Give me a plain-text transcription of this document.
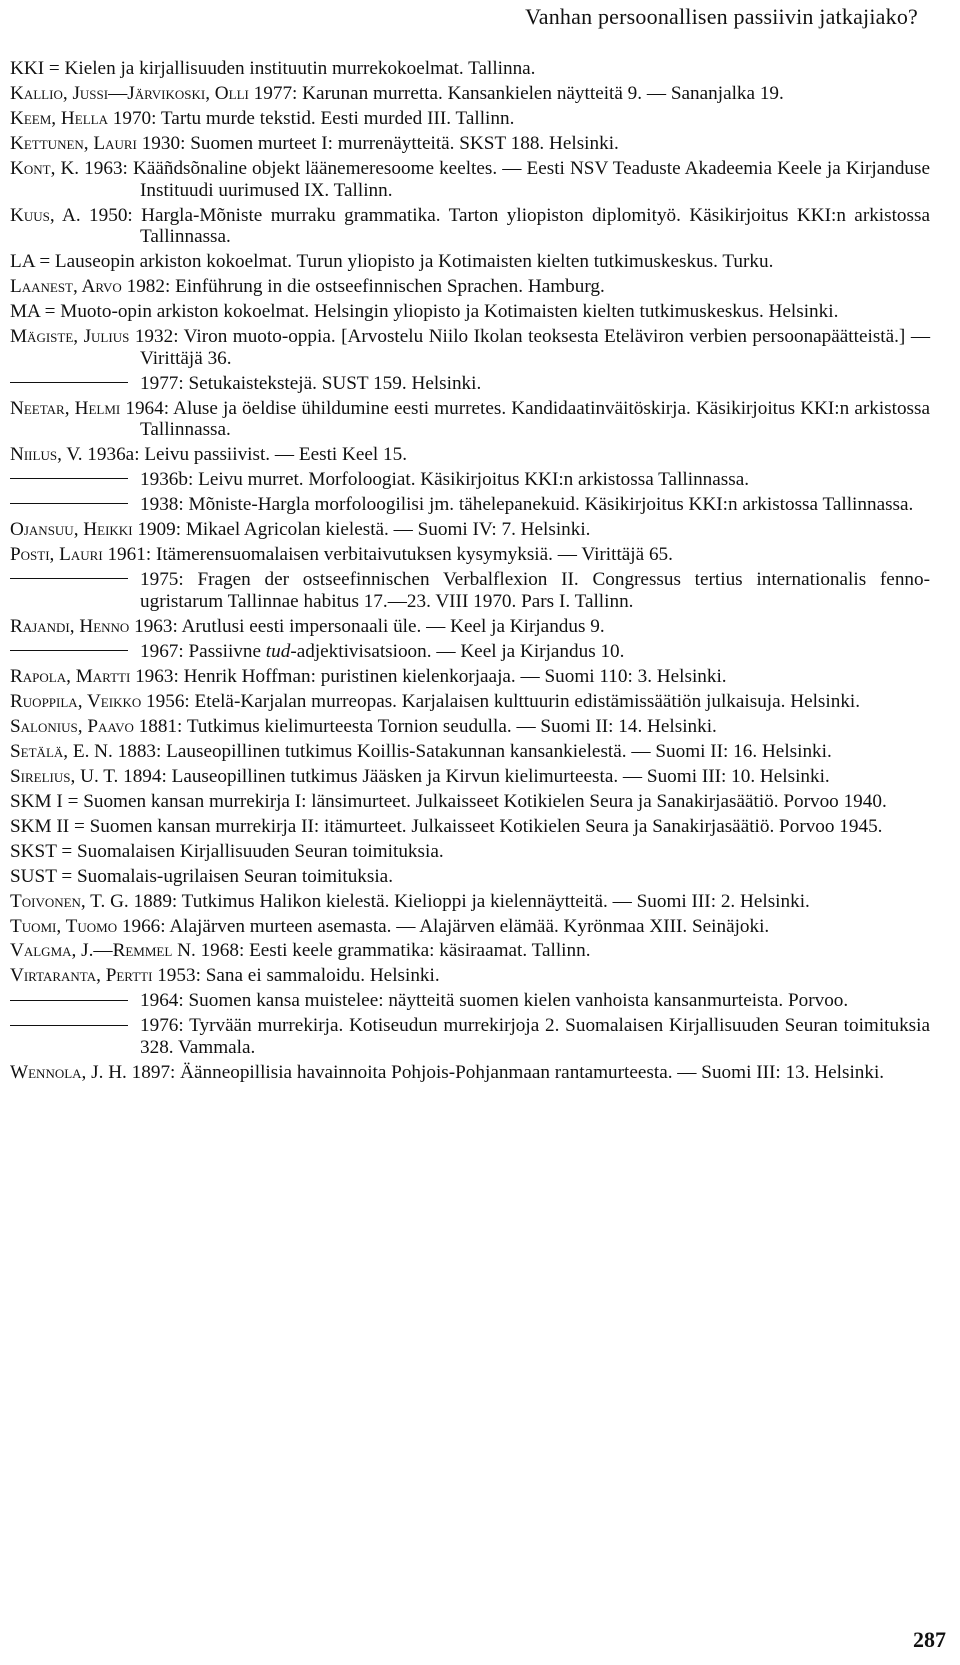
Vanhan persoonallisen passiivin jatkajiako?

KKI = Kielen ja kirjallisuuden instituutin murrekokoelmat. Tallinna.

Kallio, Jussi—Järvikoski, Olli 1977: Karunan murretta. Kansankielen näytteitä 9. — Sananjalka 19.

Keem, Hella 1970: Tartu murde tekstid. Eesti murded III. Tallinn.

Kettunen, Lauri 1930: Suomen murteet I: murrenäytteitä. SKST 188. Helsinki.

Kont, K. 1963: Kääñdsõnaline objekt läänemeresoome keeltes. — Eesti NSV Teaduste Akadeemia Keele ja Kirjanduse Instituudi uurimused IX. Tallinn.

Kuus, A. 1950: Hargla-Mõniste murraku grammatika. Tarton yliopiston diplomityö. Käsikirjoitus KKI:n arkistossa Tallinnassa.

LA = Lauseopin arkiston kokoelmat. Turun yliopisto ja Kotimaisten kielten tutkimuskeskus. Turku.

Laanest, Arvo 1982: Einführung in die ostseefinnischen Sprachen. Hamburg.

MA = Muoto-opin arkiston kokoelmat. Helsingin yliopisto ja Kotimaisten kielten tutkimuskeskus. Helsinki.

Mägiste, Julius 1932: Viron muoto-oppia. [Arvostelu Niilo Ikolan teoksesta Eteläviron verbien persoonapäätteistä.] — Virittäjä 36.

1977: Setukaistekstejä. SUST 159. Helsinki.

Neetar, Helmi 1964: Aluse ja öeldise ühildumine eesti murretes. Kandidaatinväitöskirja. Käsikirjoitus KKI:n arkistossa Tallinnassa.

Niilus, V. 1936a: Leivu passiivist. — Eesti Keel 15.

1936b: Leivu murret. Morfoloogiat. Käsikirjoitus KKI:n arkistossa Tallinnassa.

1938: Mõniste-Hargla morfoloogilisi jm. tähelepanekuid. Käsikirjoitus KKI:n arkistossa Tallinnassa.

Ojansuu, Heikki 1909: Mikael Agricolan kielestä. — Suomi IV: 7. Helsinki.

Posti, Lauri 1961: Itämerensuomalaisen verbitaivutuksen kysymyksiä. — Virittäjä 65.

1975: Fragen der ostseefinnischen Verbalflexion II. Congressus tertius internationalis fenno-ugristarum Tallinnae habitus 17.—23. VIII 1970. Pars I. Tallinn.

Rajandi, Henno 1963: Arutlusi eesti impersonaali üle. — Keel ja Kirjandus 9.

1967: Passiivne tud-adjektivisatsioon. — Keel ja Kirjandus 10.

Rapola, Martti 1963: Henrik Hoffman: puristinen kielenkorjaaja. — Suomi 110: 3. Helsinki.

Ruoppila, Veikko 1956: Etelä-Karjalan murreopas. Karjalaisen kulttuurin edistämissäätiön julkaisuja. Helsinki.

Salonius, Paavo 1881: Tutkimus kielimurteesta Tornion seudulla. — Suomi II: 14. Helsinki.

Setälä, E. N. 1883: Lauseopillinen tutkimus Koillis-Satakunnan kansankielestä. — Suomi II: 16. Helsinki.

Sirelius, U. T. 1894: Lauseopillinen tutkimus Jääsken ja Kirvun kielimurteesta. — Suomi III: 10. Helsinki.

SKM I = Suomen kansan murrekirja I: länsimurteet. Julkaisseet Kotikielen Seura ja Sanakirjasäätiö. Porvoo 1940.

SKM II = Suomen kansan murrekirja II: itämurteet. Julkaisseet Kotikielen Seura ja Sanakirjasäätiö. Porvoo 1945.

SKST = Suomalaisen Kirjallisuuden Seuran toimituksia.

SUST = Suomalais-ugrilaisen Seuran toimituksia.

Toivonen, T. G. 1889: Tutkimus Halikon kielestä. Kielioppi ja kielennäytteitä. — Suomi III: 2. Helsinki.

Tuomi, Tuomo 1966: Alajärven murteen asemasta. — Alajärven elämää. Kyrönmaa XIII. Seinäjoki.

Valgma, J.—Remmel N. 1968: Eesti keele grammatika: käsiraamat. Tallinn.

Virtaranta, Pertti 1953: Sana ei sammaloidu. Helsinki.

1964: Suomen kansa muistelee: näytteitä suomen kielen vanhoista kansanmurteista. Porvoo.

1976: Tyrvään murrekirja. Kotiseudun murrekirjoja 2. Suomalaisen Kirjallisuuden Seuran toimituksia 328. Vammala.

Wennola, J. H. 1897: Äänneopillisia havainnoita Pohjois-Pohjanmaan rantamurteesta. — Suomi III: 13. Helsinki.

287
